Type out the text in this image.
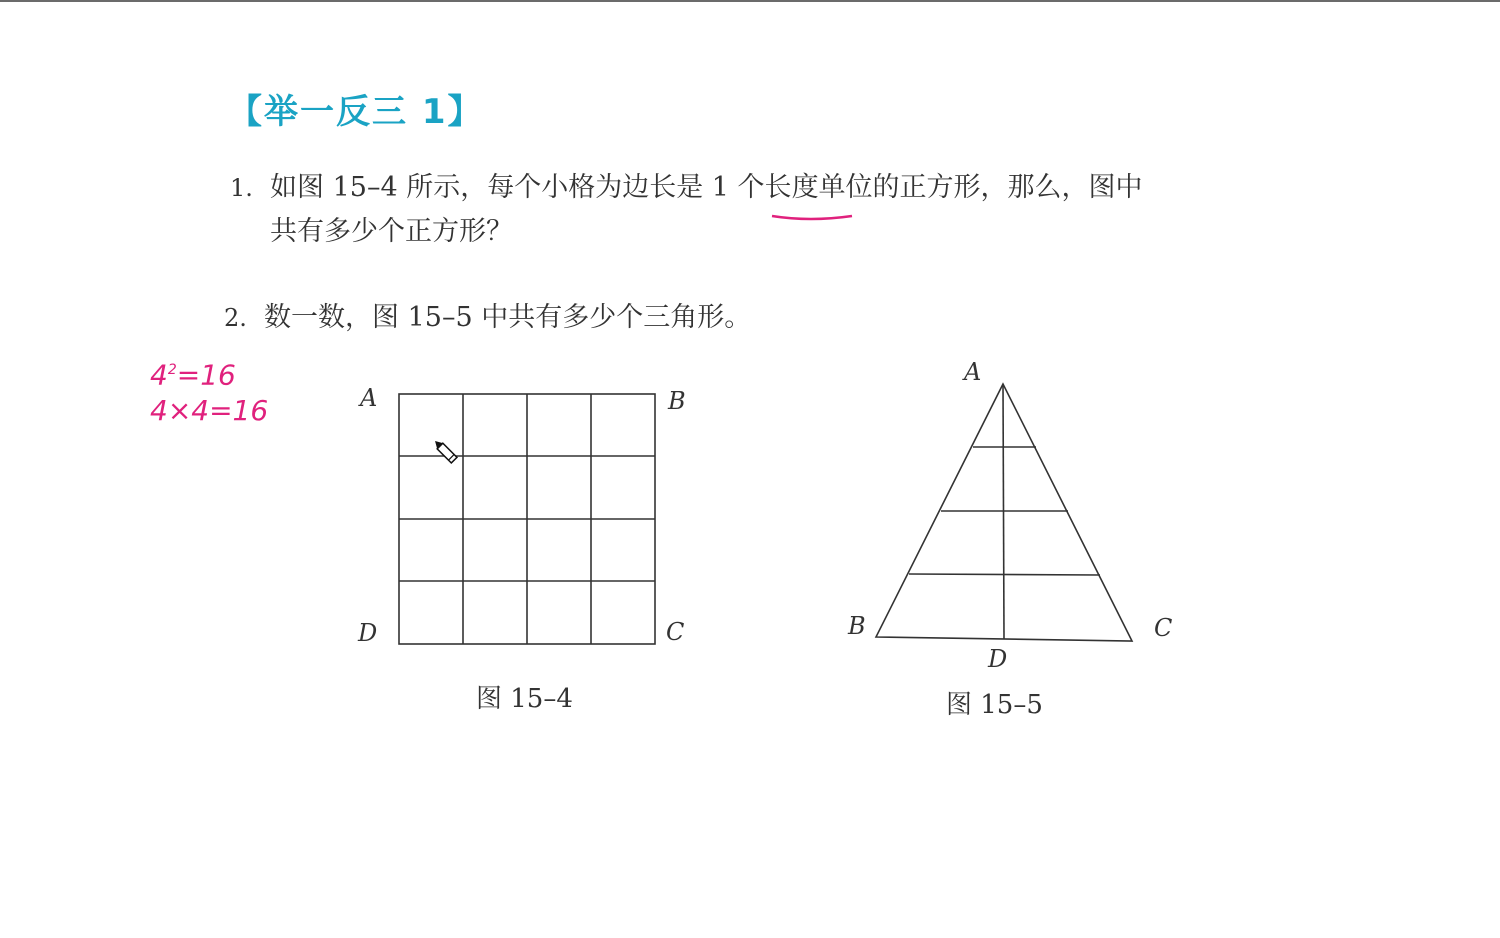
【举一反三 1】
1. 如图 15–4 所示，每个小格为边长是 1 个长度单位的正方形，那么，图中
共有多少个正方形？
2. 数一数，图 15–5 中共有多少个三角形。
$4^2=16$
4×4=16	A	B
C
D
A
B	C
D
图 15–4	图 15–5
